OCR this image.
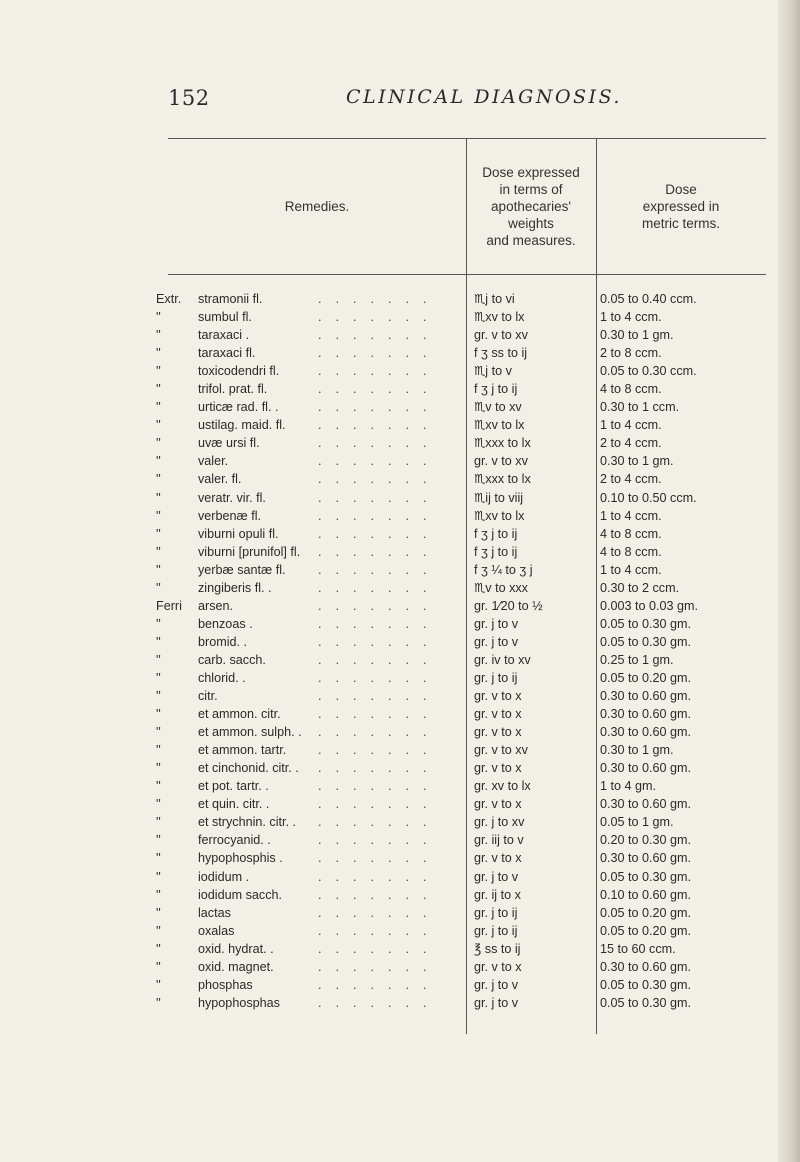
152	CLINICAL DIAGNOSIS.
Remedies.
Dose expressed
in terms of
apothecaries'
weights
and measures.
Dose
expressed in
metric terms.
Extr.	stramonii fl.	♏j to vi	0.05 to 0.40 ccm.
.......
''	sumbul fl.	♏xv to lx	1 to 4 ccm.
.......
''	taraxaci .	gr. v to xv	0.30 to 1 gm.
.......
''	taraxaci fl.	f ʒ ss to ij	2 to 8 ccm.
.......
''	toxicodendri fl.	♏j to v	0.05 to 0.30 ccm.
.......
''	trifol. prat. fl.	f ʒ j to ij	4 to 8 ccm.
.......
''	urticæ rad. fl. .	♏v to xv	0.30 to 1 ccm.
.......
''	ustilag. maid. fl.	♏xv to lx	1 to 4 ccm.
.......
''	uvæ ursi fl.	♏xxx to lx	2 to 4 ccm.
.......
''	valer.	gr. v to xv	0.30 to 1 gm.
.......
''	valer. fl.	♏xxx to lx	2 to 4 ccm.
.......
''	veratr. vir. fl.	♏ij to viij	0.10 to 0.50 ccm.
.......
''	verbenæ fl.	♏xv to lx	1 to 4 ccm.
.......
''	viburni opuli fl.	f ʒ j to ij	4 to 8 ccm.
.......
''	viburni [prunifol] fl.	f ʒ j to ij	4 to 8 ccm.
.......
''	yerbæ santæ fl.	f ʒ ¼ to ʒ j	1 to 4 ccm.
.......
''	zingiberis fl. .	♏v to xxx	0.30 to 2 ccm.
.......
Ferri	arsen.	gr. 1⁄20 to ½	0.003 to 0.03 gm.
.......
''	benzoas .	gr. j to v	0.05 to 0.30 gm.
.......
''	bromid. .	gr. j to v	0.05 to 0.30 gm.
.......
''	carb. sacch.	gr. iv to xv	0.25 to 1 gm.
.......
''	chlorid. .	gr. j to ij	0.05 to 0.20 gm.
.......
''	citr.	gr. v to x	0.30 to 0.60 gm.
.......
''	et ammon. citr.	gr. v to x	0.30 to 0.60 gm.
.......
''	et ammon. sulph. .	gr. v to x	0.30 to 0.60 gm.
.......
''	et ammon. tartr.	gr. v to xv	0.30 to 1 gm.
.......
''	et cinchonid. citr. .	gr. v to x	0.30 to 0.60 gm.
.......
''	et pot. tartr. .	gr. xv to lx	1 to 4 gm.
.......
''	et quin. citr. .	gr. v to x	0.30 to 0.60 gm.
.......
''	et strychnin. citr. .	gr. j to xv	0.05 to 1 gm.
.......
''	ferrocyanid. .	gr. iij to v	0.20 to 0.30 gm.
.......
''	hypophosphis .	gr. v to x	0.30 to 0.60 gm.
.......
''	iodidum .	gr. j to v	0.05 to 0.30 gm.
.......
''	iodidum sacch.	gr. ij to x	0.10 to 0.60 gm.
.......
''	lactas	gr. j to ij	0.05 to 0.20 gm.
.......
''	oxalas	gr. j to ij	0.05 to 0.20 gm.
.......
''	oxid. hydrat. .	℥ ss to ij	15 to 60 ccm.
.......
''	oxid. magnet.	gr. v to x	0.30 to 0.60 gm.
.......
''	phosphas	gr. j to v	0.05 to 0.30 gm.
.......
''	hypophosphas	gr. j to v	0.05 to 0.30 gm.
.......
